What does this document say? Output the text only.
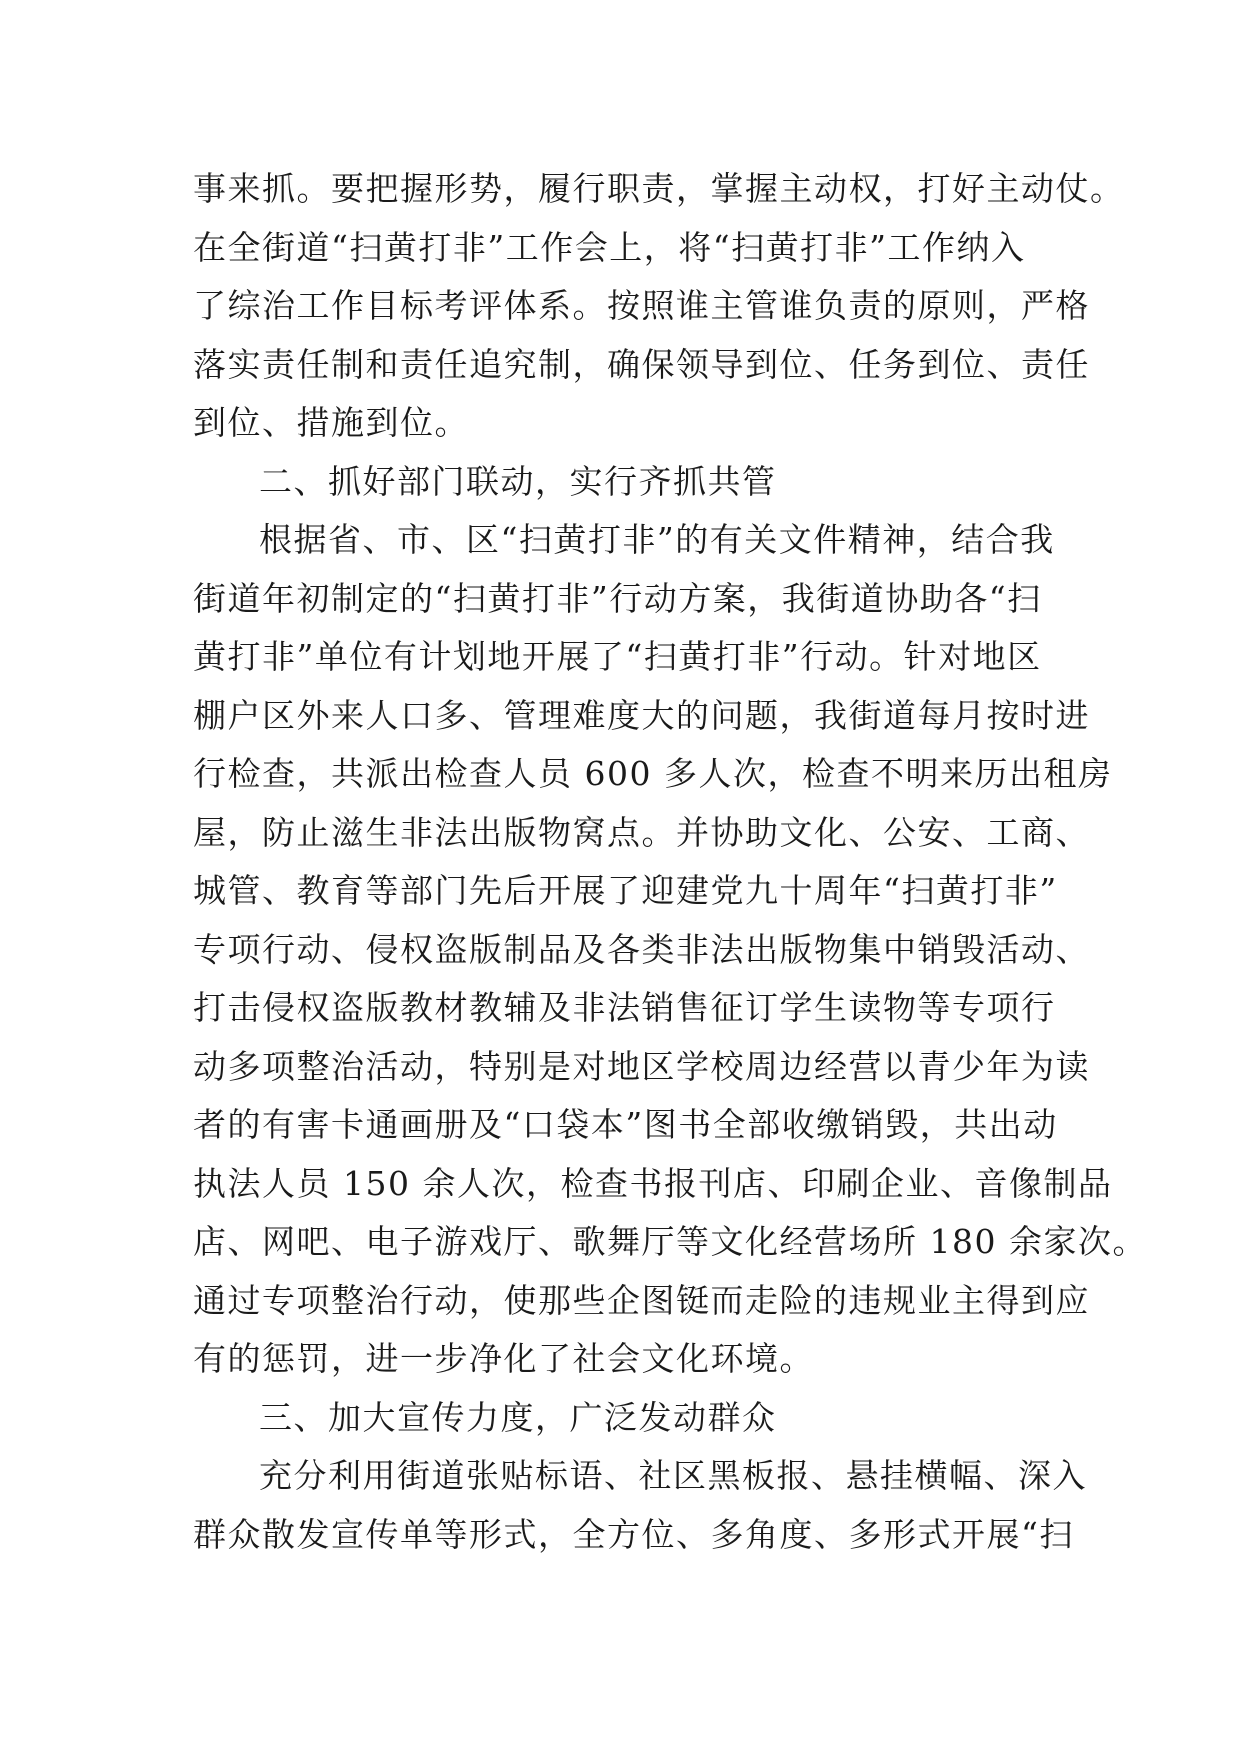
事来抓。要把握形势，履行职责，掌握主动权，打好主动仗。
在全街道“扫黄打非”工作会上，将“扫黄打非”工作纳入
了综治工作目标考评体系。按照谁主管谁负责的原则，严格
落实责任制和责任追究制，确保领导到位、任务到位、责任
到位、措施到位。
二、抓好部门联动，实行齐抓共管
根据省、市、区“扫黄打非”的有关文件精神，结合我
街道年初制定的“扫黄打非”行动方案，我街道协助各“扫
黄打非”单位有计划地开展了“扫黄打非”行动。针对地区
棚户区外来人口多、管理难度大的问题，我街道每月按时进
行检查，共派出检查人员 600 多人次，检查不明来历出租房
屋，防止滋生非法出版物窝点。并协助文化、公安、工商、
城管、教育等部门先后开展了迎建党九十周年“扫黄打非”
专项行动、侵权盗版制品及各类非法出版物集中销毁活动、
打击侵权盗版教材教辅及非法销售征订学生读物等专项行
动多项整治活动，特别是对地区学校周边经营以青少年为读
者的有害卡通画册及“口袋本”图书全部收缴销毁，共出动
执法人员 150 余人次，检查书报刊店、印刷企业、音像制品
店、网吧、电子游戏厅、歌舞厅等文化经营场所 180 余家次。
通过专项整治行动，使那些企图铤而走险的违规业主得到应
有的惩罚，进一步净化了社会文化环境。
三、加大宣传力度，广泛发动群众
充分利用街道张贴标语、社区黑板报、悬挂横幅、深入
群众散发宣传单等形式，全方位、多角度、多形式开展“扫
